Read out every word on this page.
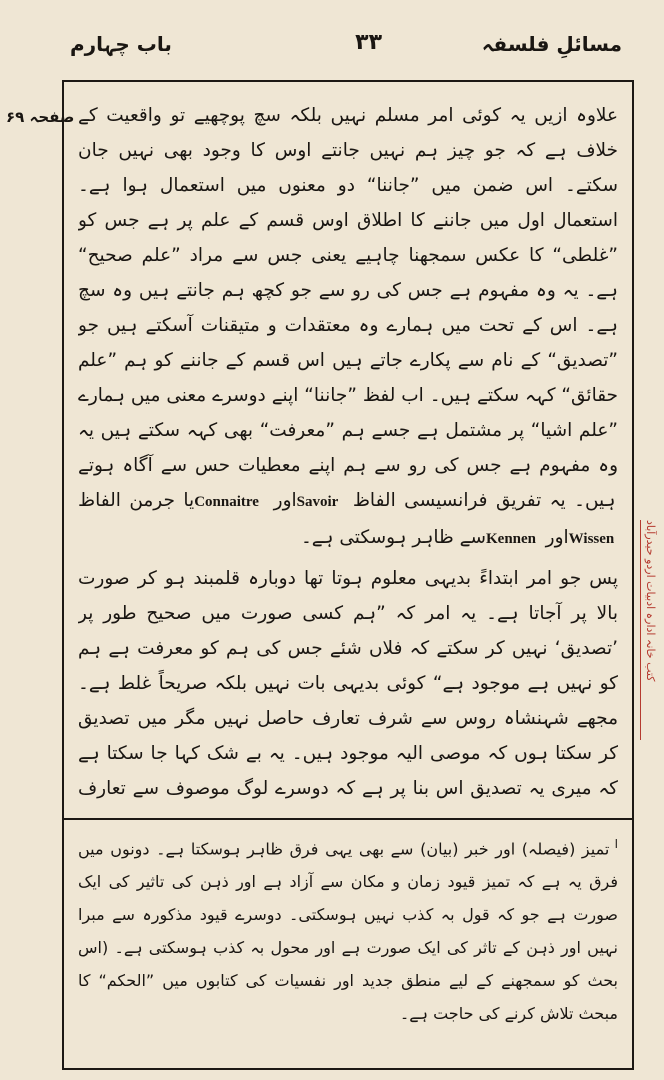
مسائلِ فلسفہ
۳۳
باب چہارم
صفحہ ۶۹
کتب خانہ ادارہ ادبیات اردو حیدرآباد

علاوہ ازیں یہ کوئی امر مسلم نہیں بلکہ سچ پوچھیے تو واقعیت کے خلاف ہے کہ جو چیز ہم نہیں جانتے اوس کا وجود بھی نہیں جان سکتے۔ اس ضمن میں ”جاننا“ دو معنوں میں استعمال ہوا ہے۔ استعمال اول میں جاننے کا اطلاق اوس قسم کے علم پر ہے جس کو ”غلطی“ کا عکس سمجھنا چاہیے یعنی جس سے مراد ”علم صحیح“ ہے۔ یہ وہ مفہوم ہے جس کی رو سے جو کچھ ہم جانتے ہیں وہ سچ ہے۔ اس کے تحت میں ہمارے وہ معتقدات و متیقنات آسکتے ہیں جو ”تصدیق“ کے نام سے پکارے جاتے ہیں اس قسم کے جاننے کو ہم ”علم حقائق“ کہہ سکتے ہیں۔ اب لفظ ”جاننا“ اپنے دوسرے معنی میں ہمارے ”علم اشیا“ پر مشتمل ہے جسے ہم ”معرفت“ بھی کہہ سکتے ہیں یہ وہ مفہوم ہے جس کی رو سے ہم اپنے معطیات حس سے آگاہ ہوتے ہیں۔ یہ تفریق فرانسیسی الفاظ Savoir اور Connaitre یا جرمن الفاظ Wissen اور Kennen سے ظاہر ہوسکتی ہے۔

پس جو امر ابتداءً بدیہی معلوم ہوتا تھا دوبارہ قلمبند ہو کر صورت بالا پر آجاتا ہے۔ یہ امر کہ ”ہم کسی صورت میں صحیح طور پر ’تصدیق‘ نہیں کر سکتے کہ فلاں شئے جس کی ہم کو معرفت ہے ہم کو نہیں ہے موجود ہے“ کوئی بدیہی بات نہیں بلکہ صریحاً غلط ہے۔ مجھے شہنشاہ روس سے شرف تعارف حاصل نہیں مگر میں تصدیق کر سکتا ہوں کہ موصی الیہ موجود ہیں۔ یہ بے شک کہا جا سکتا ہے کہ میری یہ تصدیق اس بنا پر ہے کہ دوسرے لوگ موصوف سے تعارف

$^ا$ تمیز (فیصلہ) اور خبر (بیان) سے بھی یہی فرق ظاہر ہوسکتا ہے۔ دونوں میں فرق یہ ہے کہ تمیز قیود زمان و مکان سے آزاد ہے اور ذہن کی تاثیر کی ایک صورت ہے جو کہ قول بہ کذب نہیں ہوسکتی۔ دوسرے قیود مذکورہ سے مبرا نہیں اور ذہن کے تاثر کی ایک صورت ہے اور محول بہ کذب ہوسکتی ہے۔ (اس بحث کو سمجھنے کے لیے منطق جدید اور نفسیات کی کتابوں میں ”الحکم“ کا مبحث تلاش کرنے کی حاجت ہے۔
